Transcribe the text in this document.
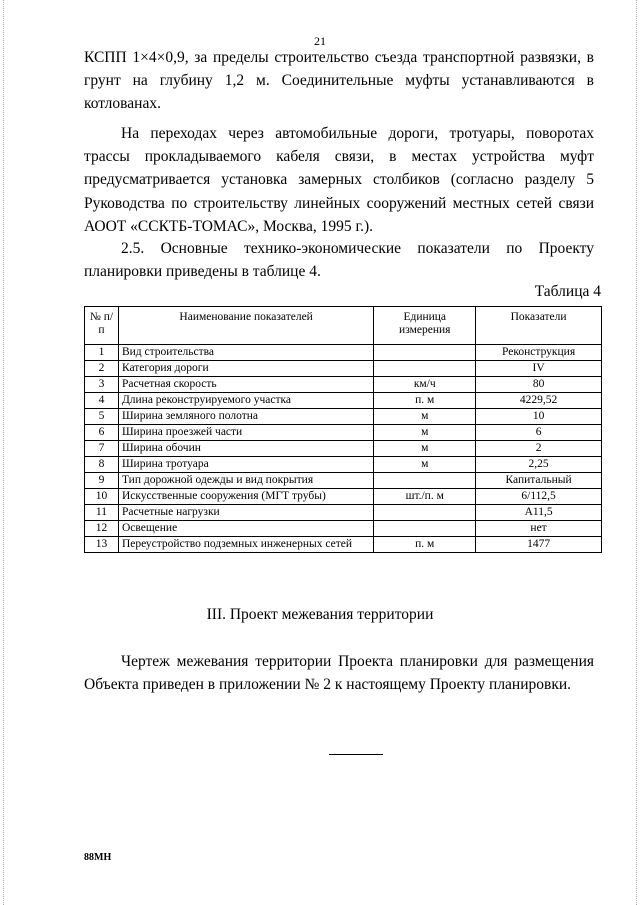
21

КСПП 1×4×0,9, за пределы строительство съезда транспортной развязки, в грунт на глубину 1,2 м. Соединительные муфты устанавливаются в котлованах.

На переходах через автомобильные дороги, тротуары, поворотах трассы прокладываемого кабеля связи, в местах устройства муфт предусматривается установка замерных столбиков (согласно разделу 5 Руководства по строительству линейных сооружений местных сетей связи АООТ «ССКТБ-ТОМАС», Москва, 1995 г.).

2.5. Основные технико-экономические показатели по Проекту планировки приведены в таблице 4.

Таблица 4
№ п/п	Наименование показателей	Единица измерения	Показатели
1	Вид строительства		Реконструкция
2	Категория дороги		IV
3	Расчетная скорость	км/ч	80
4	Длина реконструируемого участка	п. м	4229,52
5	Ширина земляного полотна	м	10
6	Ширина проезжей части	м	6
7	Ширина обочин	м	2
8	Ширина тротуара	м	2,25
9	Тип дорожной одежды и вид покрытия		Капитальный
10	Искусственные сооружения (МГТ трубы)	шт./п. м	6/112,5
11	Расчетные нагрузки		А11,5
12	Освещение		нет
13	Переустройство подземных инженерных сетей	п. м	1477
III. Проект межевания территории

Чертеж межевания территории Проекта планировки для размещения Объекта приведен в приложении № 2 к настоящему Проекту планировки.

88МН
